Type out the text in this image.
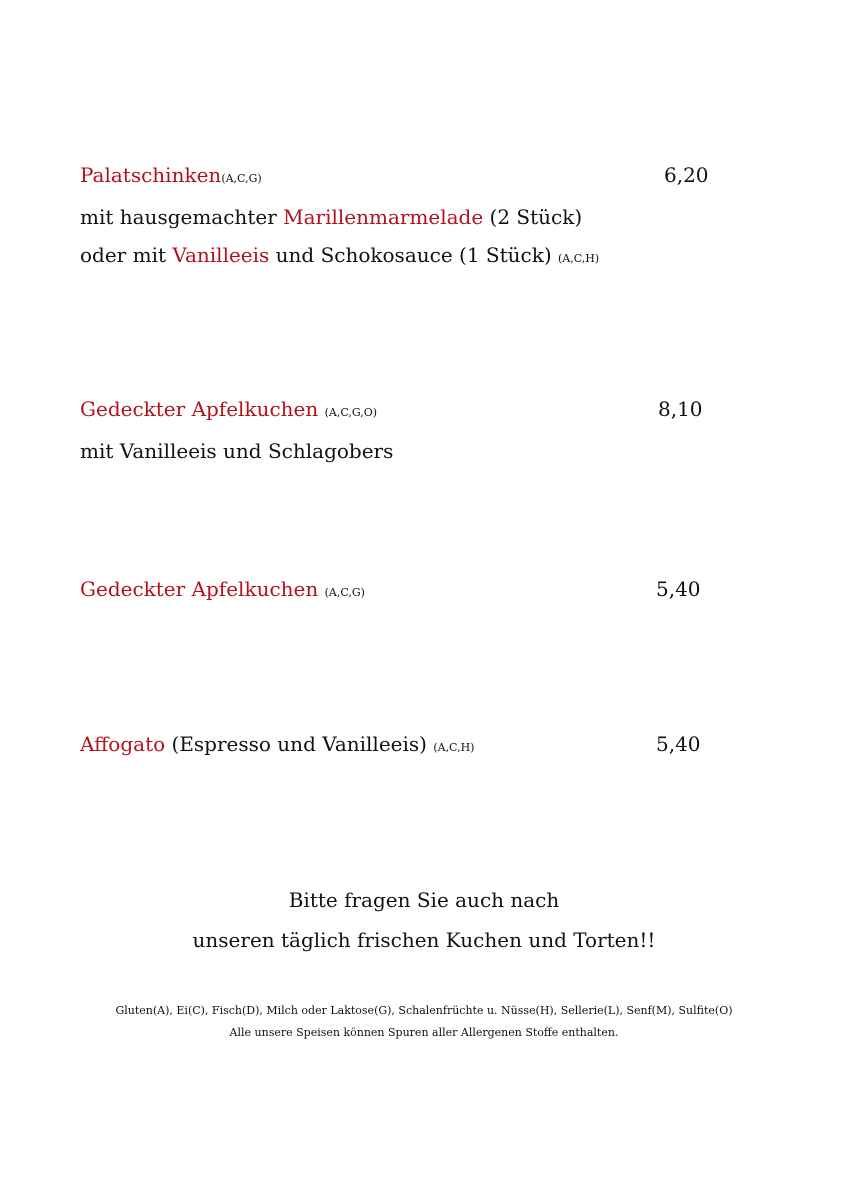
Palatschinken(A,C,G)
mit hausgemachter Marillenmarmelade (2 Stück)
oder mit Vanilleeis und Schokosauce (1 Stück) (A,C,H)
6,20
Gedeckter Apfelkuchen (A,C,G,O)
mit Vanilleeis und Schlagobers
8,10
Gedeckter Apfelkuchen (A,C,G)	5,40
Affogato (Espresso und Vanilleeis) (A,C,H)	5,40
Bitte fragen Sie auch nach
unseren täglich frischen Kuchen und Torten!!
Gluten(A), Ei(C), Fisch(D), Milch oder Laktose(G), Schalenfrüchte u. Nüsse(H), Sellerie(L), Senf(M), Sulfite(O)
Alle unsere Speisen können Spuren aller Allergenen Stoffe enthalten.
